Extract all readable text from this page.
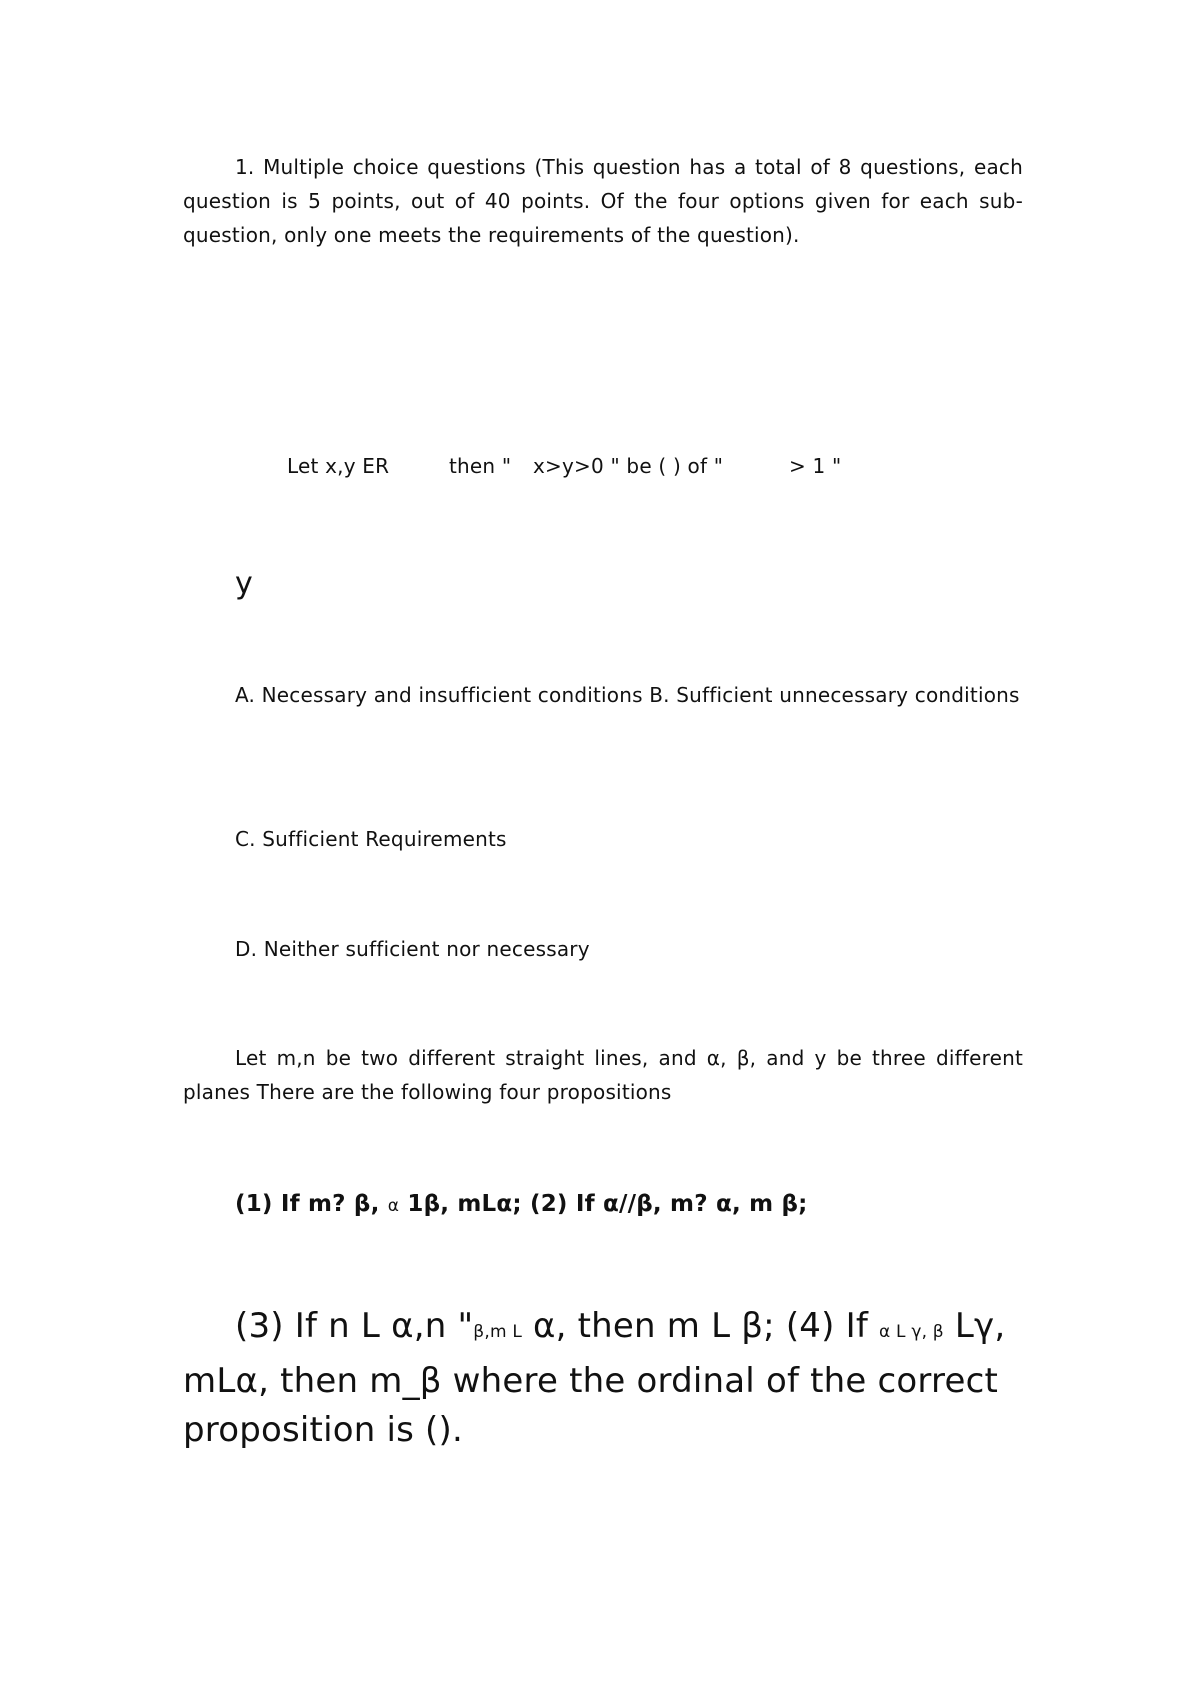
1. Multiple choice questions (This question has a total of 8 questions, each question is 5 points, out of 40 points. Of the four options given for each sub-question, only one meets the requirements of the question).

Let x,y ER	then "	x>y>0 " be ( ) of "	> 1 "

y

A. Necessary and insufficient conditions B. Sufficient unnecessary conditions

C. Sufficient Requirements

D. Neither sufficient nor necessary

Let m,n be two different straight lines, and α, β, and y be three different planes There are the following four propositions

(1) If m? β, α 1β, mLα; (2) If α//β, m? α, m β;

(3) If n L α,n "β,m L α, then m L β; (4) If α L γ, β Lγ, mLα, then m_β where the ordinal of the correct proposition is ().
